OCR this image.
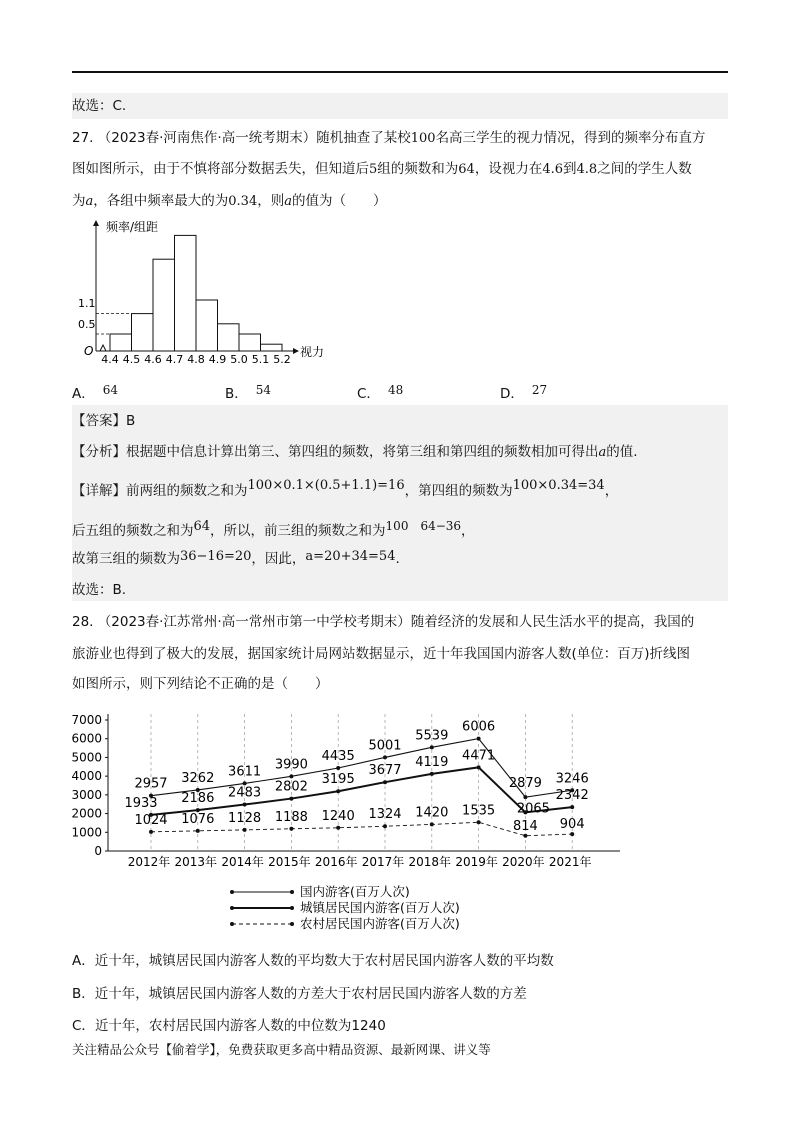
故选：C.
27. （2023春·河南焦作·高一统考期末）随机抽查了某校100名高三学生的视力情况，得到的频率分布直方
图如图所示，由于不慎将部分数据丢失，但知道后5组的频数和为64，设视力在4.6到4.8之间的学生人数
为a，各组中频率最大的为0.34，则a的值为（　　）
频率/组距
O
1.1
0.5
4.4 4.5 4.6 4.7 4.8 4.9 5.0 5.1 5.2
视力
A． 64	B． 54	C． 48	D． 27
【答案】B
【分析】根据题中信息计算出第三、第四组的频数，将第三组和第四组的频数相加可得出a的值.
【详解】前两组的频数之和为100×0.1×(0.5+1.1)=16，第四组的频数为100×0.34=34，
后五组的频数之和为64，所以，前三组的频数之和为100　64−36，
故第三组的频数为36−16=20，因此，a=20+34=54.
故选：B.
28. （2023春·江苏常州·高一常州市第一中学校考期末）随着经济的发展和人民生活水平的提高，我国的
旅游业也得到了极大的发展，据国家统计局网站数据显示，近十年我国国内游客人数(单位：百万)折线图
如图所示，则下列结论不正确的是（　　）
0
1000
2000
3000
4000
5000
6000
7000
2012年 2013年 2014年 2015年 2016年 2017年 2018年 2019年 2020年 2021年
2957 3262 3611 3990
4435
5001
5539
6006
2879 3246
1933 2186 2483 2802 3195
3677
4119 4471
2065
2342
1024 1076 1128 1188 1240 1324 1420 1535
814 904
国内游客(百万人次)
城镇居民国内游客(百万人次)
农村居民国内游客(百万人次)
A．近十年，城镇居民国内游客人数的平均数大于农村居民国内游客人数的平均数
B．近十年，城镇居民国内游客人数的方差大于农村居民国内游客人数的方差
C．近十年，农村居民国内游客人数的中位数为1240
关注精品公众号【偷着学】，免费获取更多高中精品资源、最新网课、讲义等
